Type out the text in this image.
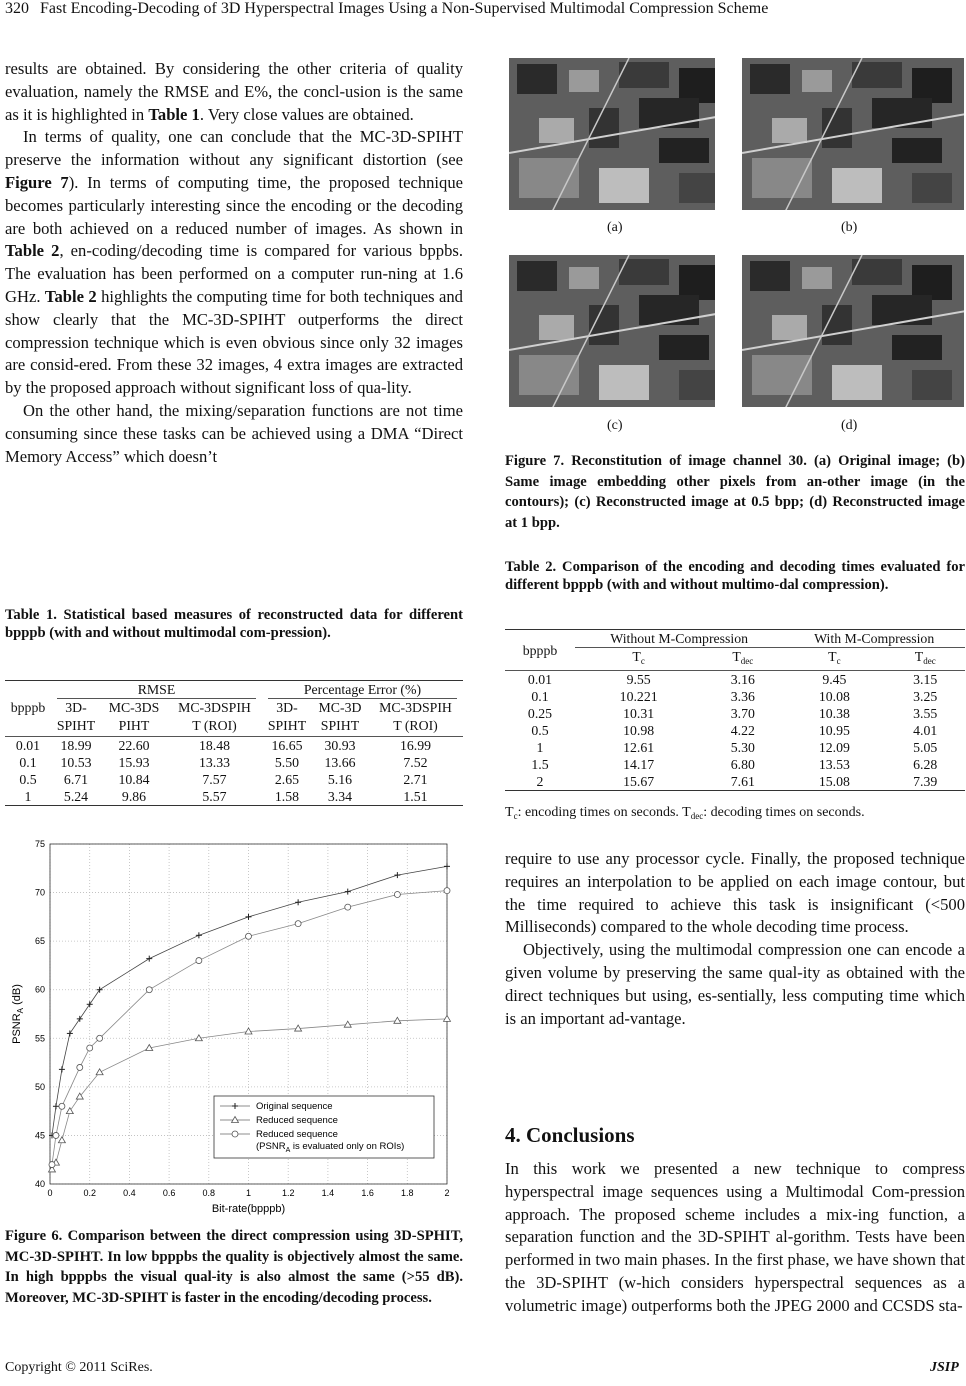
320 Fast Encoding-Decoding of 3D Hyperspectral Images Using a Non-Supervised Multimodal Compression Scheme

results are obtained. By considering the other criteria of quality evaluation, namely the RMSE and E%, the concl-usion is the same as it is highlighted in Table 1. Very close values are obtained.

In terms of quality, one can conclude that the MC-3D-SPIHT preserve the information without any significant distortion (see Figure 7). In terms of computing time, the proposed technique becomes particularly interesting since the encoding or the decoding are both achieved on a reduced number of images. As shown in Table 2, en-coding/decoding time is compared for various bppbs. The evaluation has been performed on a computer run-ning at 1.6 GHz. Table 2 highlights the computing time for both techniques and show clearly that the MC-3D-SPIHT outperforms the direct compression technique which is even obvious since only 32 images are consid-ered. From these 32 images, 4 extra images are extracted by the proposed approach without significant loss of qua-lity.

On the other hand, the mixing/separation functions are not time consuming since these tasks can be achieved using a DMA “Direct Memory Access” which doesn’t

Table 1. Statistical based measures of reconstructed data for different bpppb (with and without multimodal com-pression).
	RMSE			Percentage Error (%)		
bpppb	3D-	MC-3DS	MC-3DSPIH	3D-	MC-3D	MC-3DSPIH
	SPIHT	PIHT	T (ROI)	SPIHT	SPIHT	T (ROI)
0.01	18.99	22.60	18.48	16.65	30.93	16.99
0.1	10.53	15.93	13.33	5.50	13.66	7.52
0.5	6.71	10.84	7.57	2.65	5.16	2.71
1	5.24	9.86	5.57	1.58	3.34	1.51
0	0.2	0.4	0.6	0.8	1	1.2	1.4	1.6	1.8	2
40
45
50
55
60
65
70
75
Bit-rate(bpppb)
$PSNR_A$ (dB)
Original sequence
Reduced sequence
Reduced sequence
($PSNR_A$ is evaluated only on ROIs)
Figure 6. Comparison between the direct compression using 3D-SPHIT, MC-3D-SPIHT. In low bpppbs the quality is objectively almost the same. In high bpppbs the visual qual-ity is also almost the same (>55 dB). Moreover, MC-3D-SPIHT is faster in the encoding/decoding process.
(a)	(b)
(c)	(d)
Figure 7. Reconstitution of image channel 30. (a) Original image; (b) Same image embedding other pixels from an-other image (in the contours); (c) Reconstructed image at 0.5 bpp; (d) Reconstructed image at 1 bpp.
Table 2. Comparison of the encoding and decoding times evaluated for different bpppb (with and without multimo-dal compression).
bpppb	Without M-Compression		With M-Compression	
	$T_c$	$T_{dec}$	$T_c$	$T_{dec}$
0.01	9.55	3.16	9.45	3.15
0.1	10.221	3.36	10.08	3.25
0.25	10.31	3.70	10.38	3.55
0.5	10.98	4.22	10.95	4.01
1	12.61	5.30	12.09	5.05
1.5	14.17	6.80	13.53	6.28
2	15.67	7.61	15.08	7.39
$T_c$: encoding times on seconds. $T_{dec}$: decoding times on seconds.

require to use any processor cycle. Finally, the proposed technique requires an interpolation to be applied on each image contour, but the time required to achieve this task is insignificant (<500 Milliseconds) compared to the whole decoding time process.

Objectively, using the multimodal compression one can encode a given volume by preserving the same qual-ity as obtained with the direct techniques but using, es-sentially, less computing time which is an important ad-vantage.

4. Conclusions

In this work we presented a new technique to compress hyperspectral image sequences using a Multimodal Com-pression approach. The proposed scheme includes a mix-ing function, a separation function and the 3D-SPIHT al-gorithm. Tests have been performed in two main phases. In the first phase, we have shown that the 3D-SPIHT (w-hich considers hyperspectral sequences as a volumetric image) outperforms both the JPEG 2000 and CCSDS sta-

Copyright © 2011 SciRes.	JSIP
